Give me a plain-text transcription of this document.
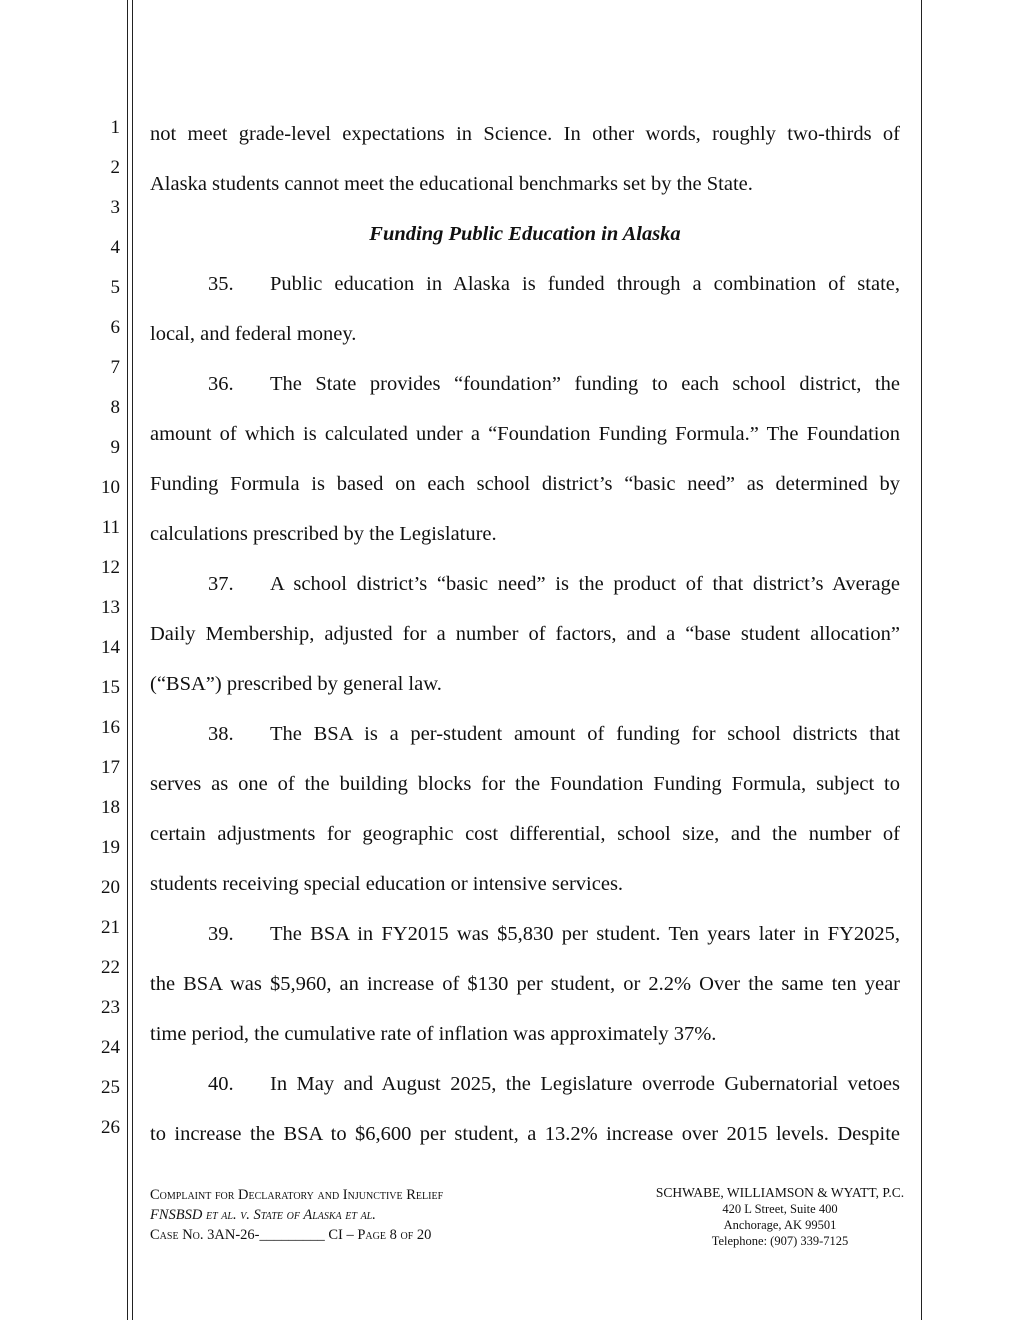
1
2
3
4
5
6
7
8
9
10
11
12
13
14
15
16
17
18
19
20
21
22
23
24
25
26
not meet grade-level expectations in Science. In other words, roughly two-thirds of
Alaska students cannot meet the educational benchmarks set by the State.
Funding Public Education in Alaska
35. Public education in Alaska is funded through a combination of state,
local, and federal money.
36. The State provides “foundation” funding to each school district, the
amount of which is calculated under a “Foundation Funding Formula.” The Foundation
Funding Formula is based on each school district’s “basic need” as determined by
calculations prescribed by the Legislature.
37. A school district’s “basic need” is the product of that district’s Average
Daily Membership, adjusted for a number of factors, and a “base student allocation”
(“BSA”) prescribed by general law.
38. The BSA is a per-student amount of funding for school districts that
serves as one of the building blocks for the Foundation Funding Formula, subject to
certain adjustments for geographic cost differential, school size, and the number of
students receiving special education or intensive services.
39. The BSA in FY2015 was $5,830 per student. Ten years later in FY2025,
the BSA was $5,960, an increase of $130 per student, or 2.2% Over the same ten year
time period, the cumulative rate of inflation was approximately 37%.
40. In May and August 2025, the Legislature overrode Gubernatorial vetoes
to increase the BSA to $6,600 per student, a 13.2% increase over 2015 levels. Despite
Complaint for Declaratory and Injunctive Relief
FNSBSD et al. v. State of Alaska et al.
Case No. 3AN-26-_________ CI – Page 8 of 20
SCHWABE, WILLIAMSON & WYATT, P.C.
420 L Street, Suite 400
Anchorage, AK 99501
Telephone: (907) 339-7125
